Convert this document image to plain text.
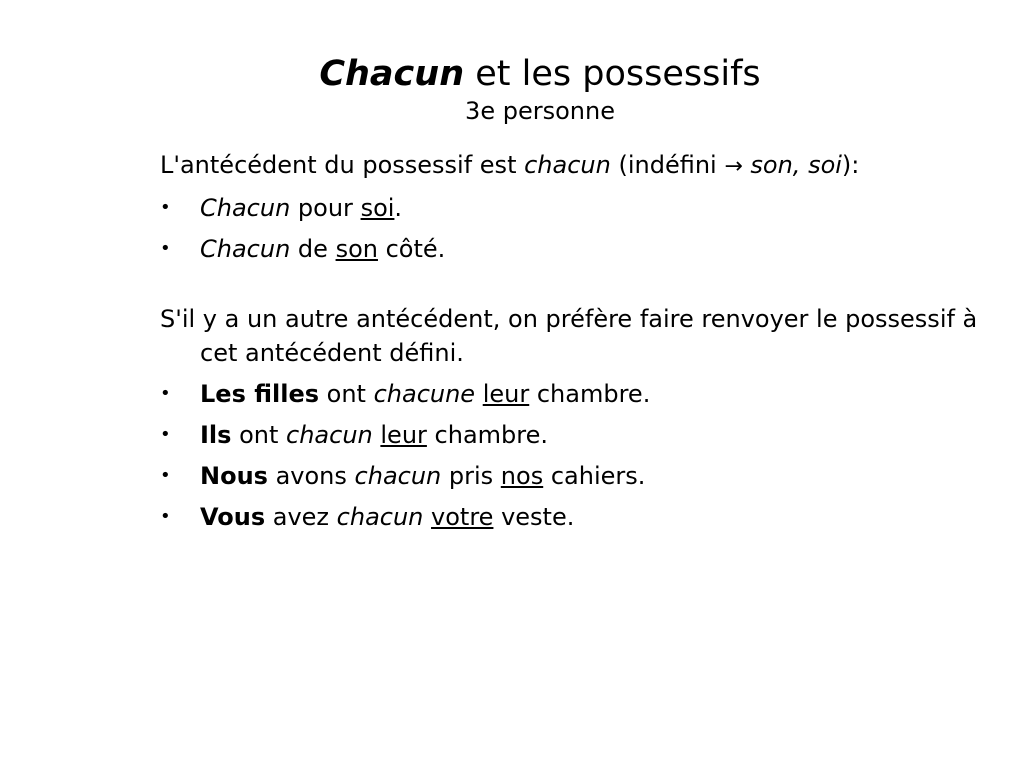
Chacun et les possessifs

3e personne

L'antécédent du possessif est chacun (indéfini → son, soi):

• Chacun pour soi.
• Chacun de son côté.

S'il y a un autre antécédent, on préfère faire renvoyer le possessif à cet antécédent défini.

• Les filles ont chacune leur chambre.
• Ils ont chacun leur chambre.
• Nous avons chacun pris nos cahiers.
• Vous avez chacun votre veste.
